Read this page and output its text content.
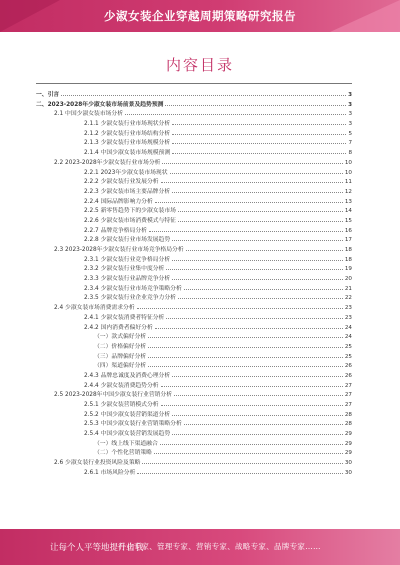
少淑女装企业穿越周期策略研究报告
内容目录
一、引言	3
二、2023-2028年少淑女装市场前景及趋势预测	3
2.1 中国少淑女装市场分析	3
2.1.1 少淑女装行业市场现状分析	3
2.1.2 少淑女装行业市场结构分析	5
2.1.3 少淑女装行业市场规模分析	7
2.1.4 中国少淑女装市场规模预测	8
2.2 2023-2028年少淑女装行业市场分析	10
2.2.1 2023年少淑女装市场现状	10
2.2.2 少淑女装行业发展分析	11
2.2.3 少淑女装市场主要品牌分析	12
2.2.4 国际品牌影响力分析	13
2.2.5 新零售趋势下的少淑女装市场	14
2.2.6 少淑女装市场消费模式与特征	15
2.2.7 品牌竞争格局分析	16
2.2.8 少淑女装行业市场发展趋势	17
2.3 2023-2028年少淑女装行业市场竞争格局分析	18
2.3.1 少淑女装行业竞争格局分析	18
2.3.2 少淑女装行业集中度分析	19
2.3.3 少淑女装行业品牌竞争分析	20
2.3.4 少淑女装行业市场竞争策略分析	21
2.3.5 少淑女装行业企业竞争力分析	22
2.4 少淑女装市场消费需求分析	23
2.4.1 少淑女装消费者特征分析	23
2.4.2 国内消费者偏好分析	24
（一）款式偏好分析	24
（二）价格偏好分析	25
（三）品牌偏好分析	25
（四）渠道偏好分析	26
2.4.3 品牌忠诚度及消费心理分析	26
2.4.4 少淑女装消费趋势分析	27
2.5 2023-2028年中国少淑女装行业营销分析	27
2.5.1 少淑女装营销模式分析	27
2.5.2 中国少淑女装营销渠道分析	28
2.5.3 中国少淑女装行业营销策略分析	28
2.5.4 中国少淑女装营销发展趋势	29
（一）线上线下渠道融合	29
（二）个性化营销策略	29
2.6 少淑女装行业投资风险及策略	30
2.6.1 市场风险分析	30
让每个人平等地提升自我
行业专家、管理专家、营销专家、战略专家、品牌专家……
